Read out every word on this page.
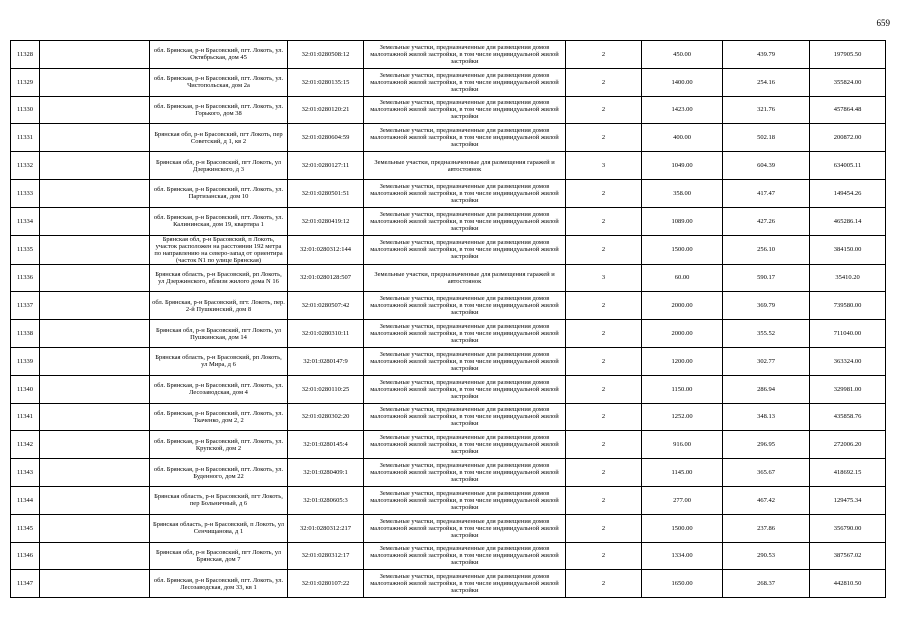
659
11328		обл. Брянская, р-н Брасовский, пгт. Локоть, ул. Октябрьская, дом 45	32:01:0280508:12	Земельные участки, предназначенные для размещения домов малоэтажной жилой застройки, в том числе индивидуальной жилой застройки	2	450.00	439.79	197905.50
11329		обл. Брянская, р-н Брасовский, пгт. Локоть, ул. Чистопольская, дом 2а	32:01:0280135:15	Земельные участки, предназначенные для размещения домов малоэтажной жилой застройки, в том числе индивидуальной жилой застройки	2	1400.00	254.16	355824.00
11330		обл. Брянская, р-н Брасовский, пгт. Локоть, ул. Горького, дом 38	32:01:0280120:21	Земельные участки, предназначенные для размещения домов малоэтажной жилой застройки, в том числе индивидуальной жилой застройки	2	1423.00	321.76	457864.48
11331		Брянская обл, р-н Брасовский, пгт Локоть, пер Советский, д 1, кв 2	32:01:0280604:59	Земельные участки, предназначенные для размещения домов малоэтажной жилой застройки, в том числе индивидуальной жилой застройки	2	400.00	502.18	200872.00
11332		Брянская обл, р-н Брасовский, пгт Локоть, ул Дзержинского, д 3	32:01:0280127:11	Земельные участки, предназначенные для размещения гаражей и автостоянок	3	1049.00	604.39	634005.11
11333		обл. Брянская, р-н Брасовский, пгт. Локоть, ул. Партизанская, дом 10	32:01:0280501:51	Земельные участки, предназначенные для размещения домов малоэтажной жилой застройки, в том числе индивидуальной жилой застройки	2	358.00	417.47	149454.26
11334		обл. Брянская, р-н Брасовский, пгт. Локоть, ул. Калининская, дом 19, квартира 1	32:01:0280419:12	Земельные участки, предназначенные для размещения домов малоэтажной жилой застройки, в том числе индивидуальной жилой застройки	2	1089.00	427.26	465286.14
11335		Брянская обл, р-н Брасовский, п Локоть, участок расположен на расстоянии 192 метра по направлению на северо-запад от ориентира (часток N1 по улице Брянская)	32:01:0280312:144	Земельные участки, предназначенные для размещения домов малоэтажной жилой застройки, в том числе индивидуальной жилой застройки	2	1500.00	256.10	384150.00
11336		Брянская область, р-н Брасовский, рп Локоть, ул Дзержинского, вблизи жилого дома N 16	32:01:0280128:507	Земельные участки, предназначенные для размещения гаражей и автостоянок	3	60.00	590.17	35410.20
11337		обл. Брянская, р-н Брасовский, пгт. Локоть, пер. 2-й Пушкинский, дом 8	32:01:0280507:42	Земельные участки, предназначенные для размещения домов малоэтажной жилой застройки, в том числе индивидуальной жилой застройки	2	2000.00	369.79	739580.00
11338		Брянская обл, р-н Брасовский, пгт Локоть, ул Пушкинская, дом 14	32:01:0280310:11	Земельные участки, предназначенные для размещения домов малоэтажной жилой застройки, в том числе индивидуальной жилой застройки	2	2000.00	355.52	711040.00
11339		Брянская область, р-н Брасовский, рп Локоть, ул Мира, д 6	32:01:0280147:9	Земельные участки, предназначенные для размещения домов малоэтажной жилой застройки, в том числе индивидуальной жилой застройки	2	1200.00	302.77	363324.00
11340		обл. Брянская, р-н Брасовский, пгт. Локоть, ул. Лесозаводская, дом 4	32:01:0280110:25	Земельные участки, предназначенные для размещения домов малоэтажной жилой застройки, в том числе индивидуальной жилой застройки	2	1150.00	286.94	329981.00
11341		обл. Брянская, р-н Брасовский, пгт. Локоть, ул. Ткаченко, дом 2, 2	32:01:0280302:20	Земельные участки, предназначенные для размещения домов малоэтажной жилой застройки, в том числе индивидуальной жилой застройки	2	1252.00	348.13	435858.76
11342		обл. Брянская, р-н Брасовский, пгт. Локоть, ул. Крупской, дом 2	32:01:0280145:4	Земельные участки, предназначенные для размещения домов малоэтажной жилой застройки, в том числе индивидуальной жилой застройки	2	916.00	296.95	272006.20
11343		обл. Брянская, р-н Брасовский, пгт. Локоть, ул. Буденного, дом 22	32:01:0280409:1	Земельные участки, предназначенные для размещения домов малоэтажной жилой застройки, в том числе индивидуальной жилой застройки	2	1145.00	365.67	418692.15
11344		Брянская область, р-н Брасовский, пгт Локоть, пер Больничный, д 6	32:01:0280605:3	Земельные участки, предназначенные для размещения домов малоэтажной жилой застройки, в том числе индивидуальной жилой застройки	2	277.00	467.42	129475.34
11345		Брянская область, р-н Брасовский, п Локоть, ул Сенчищанова, д 1	32:01:0280312:217	Земельные участки, предназначенные для размещения домов малоэтажной жилой застройки, в том числе индивидуальной жилой застройки	2	1500.00	237.86	356790.00
11346		Брянская обл, р-н Брасовский, пгт Локоть, ул Брянская, дом 7	32:01:0280312:17	Земельные участки, предназначенные для размещения домов малоэтажной жилой застройки, в том числе индивидуальной жилой застройки	2	1334.00	290.53	387567.02
11347		обл. Брянская, р-н Брасовский, пгт. Локоть, ул. Лесозаводская, дом 33, кв 1	32:01:0280107:22	Земельные участки, предназначенные для размещения домов малоэтажной жилой застройки, в том числе индивидуальной жилой застройки	2	1650.00	268.37	442810.50
